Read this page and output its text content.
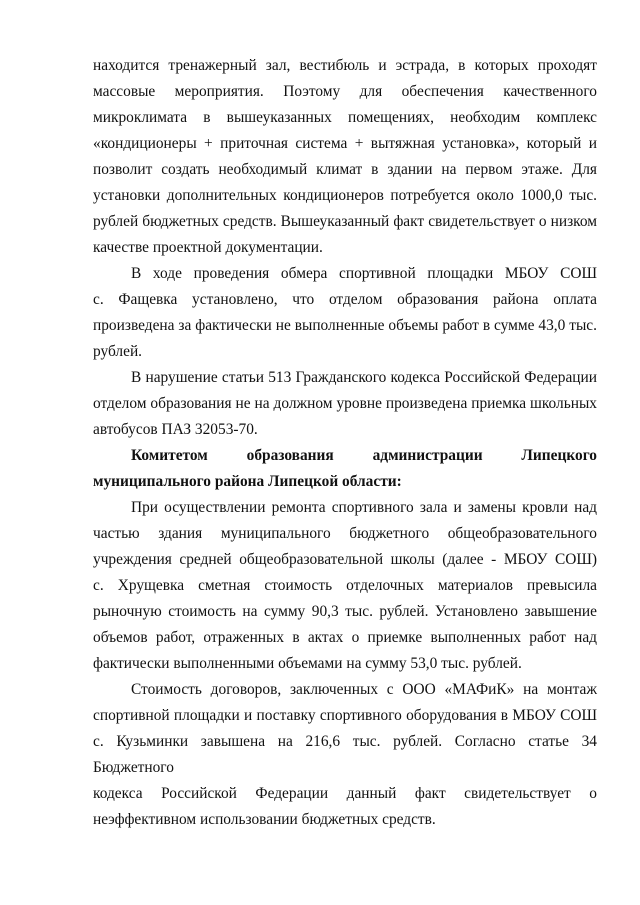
находится тренажерный зал, вестибюль и эстрада, в которых проходят
массовые мероприятия. Поэтому для обеспечения качественного
микроклимата в вышеуказанных помещениях, необходим комплекс
«кондиционеры + приточная система + вытяжная установка», который и
позволит создать необходимый климат в здании на первом этаже. Для
установки дополнительных кондиционеров потребуется около 1000,0 тыс.
рублей бюджетных средств. Вышеуказанный факт свидетельствует о низком
качестве проектной документации.
В ходе проведения обмера спортивной площадки МБОУ СОШ
с. Фащевка установлено, что отделом образования района оплата
произведена за фактически не выполненные объемы работ в сумме 43,0 тыс.
рублей.
В нарушение статьи 513 Гражданского кодекса Российской Федерации
отделом образования не на должном уровне произведена приемка школьных
автобусов ПАЗ 32053-70.
Комитетом образования администрации Липецкого
муниципального района Липецкой области:
При осуществлении ремонта спортивного зала и замены кровли над
частью здания муниципального бюджетного общеобразовательного
учреждения средней общеобразовательной школы (далее - МБОУ СОШ)
с. Хрущевка сметная стоимость отделочных материалов превысила
рыночную стоимость на сумму 90,3 тыс. рублей. Установлено завышение
объемов работ, отраженных в актах о приемке выполненных работ над
фактически выполненными объемами на сумму 53,0 тыс. рублей.
Стоимость договоров, заключенных с ООО «МАФиК» на монтаж
спортивной площадки и поставку спортивного оборудования в МБОУ СОШ
с. Кузьминки завышена на 216,6 тыс. рублей. Согласно статье 34 Бюджетного
кодекса Российской Федерации данный факт свидетельствует о
неэффективном использовании бюджетных средств.
